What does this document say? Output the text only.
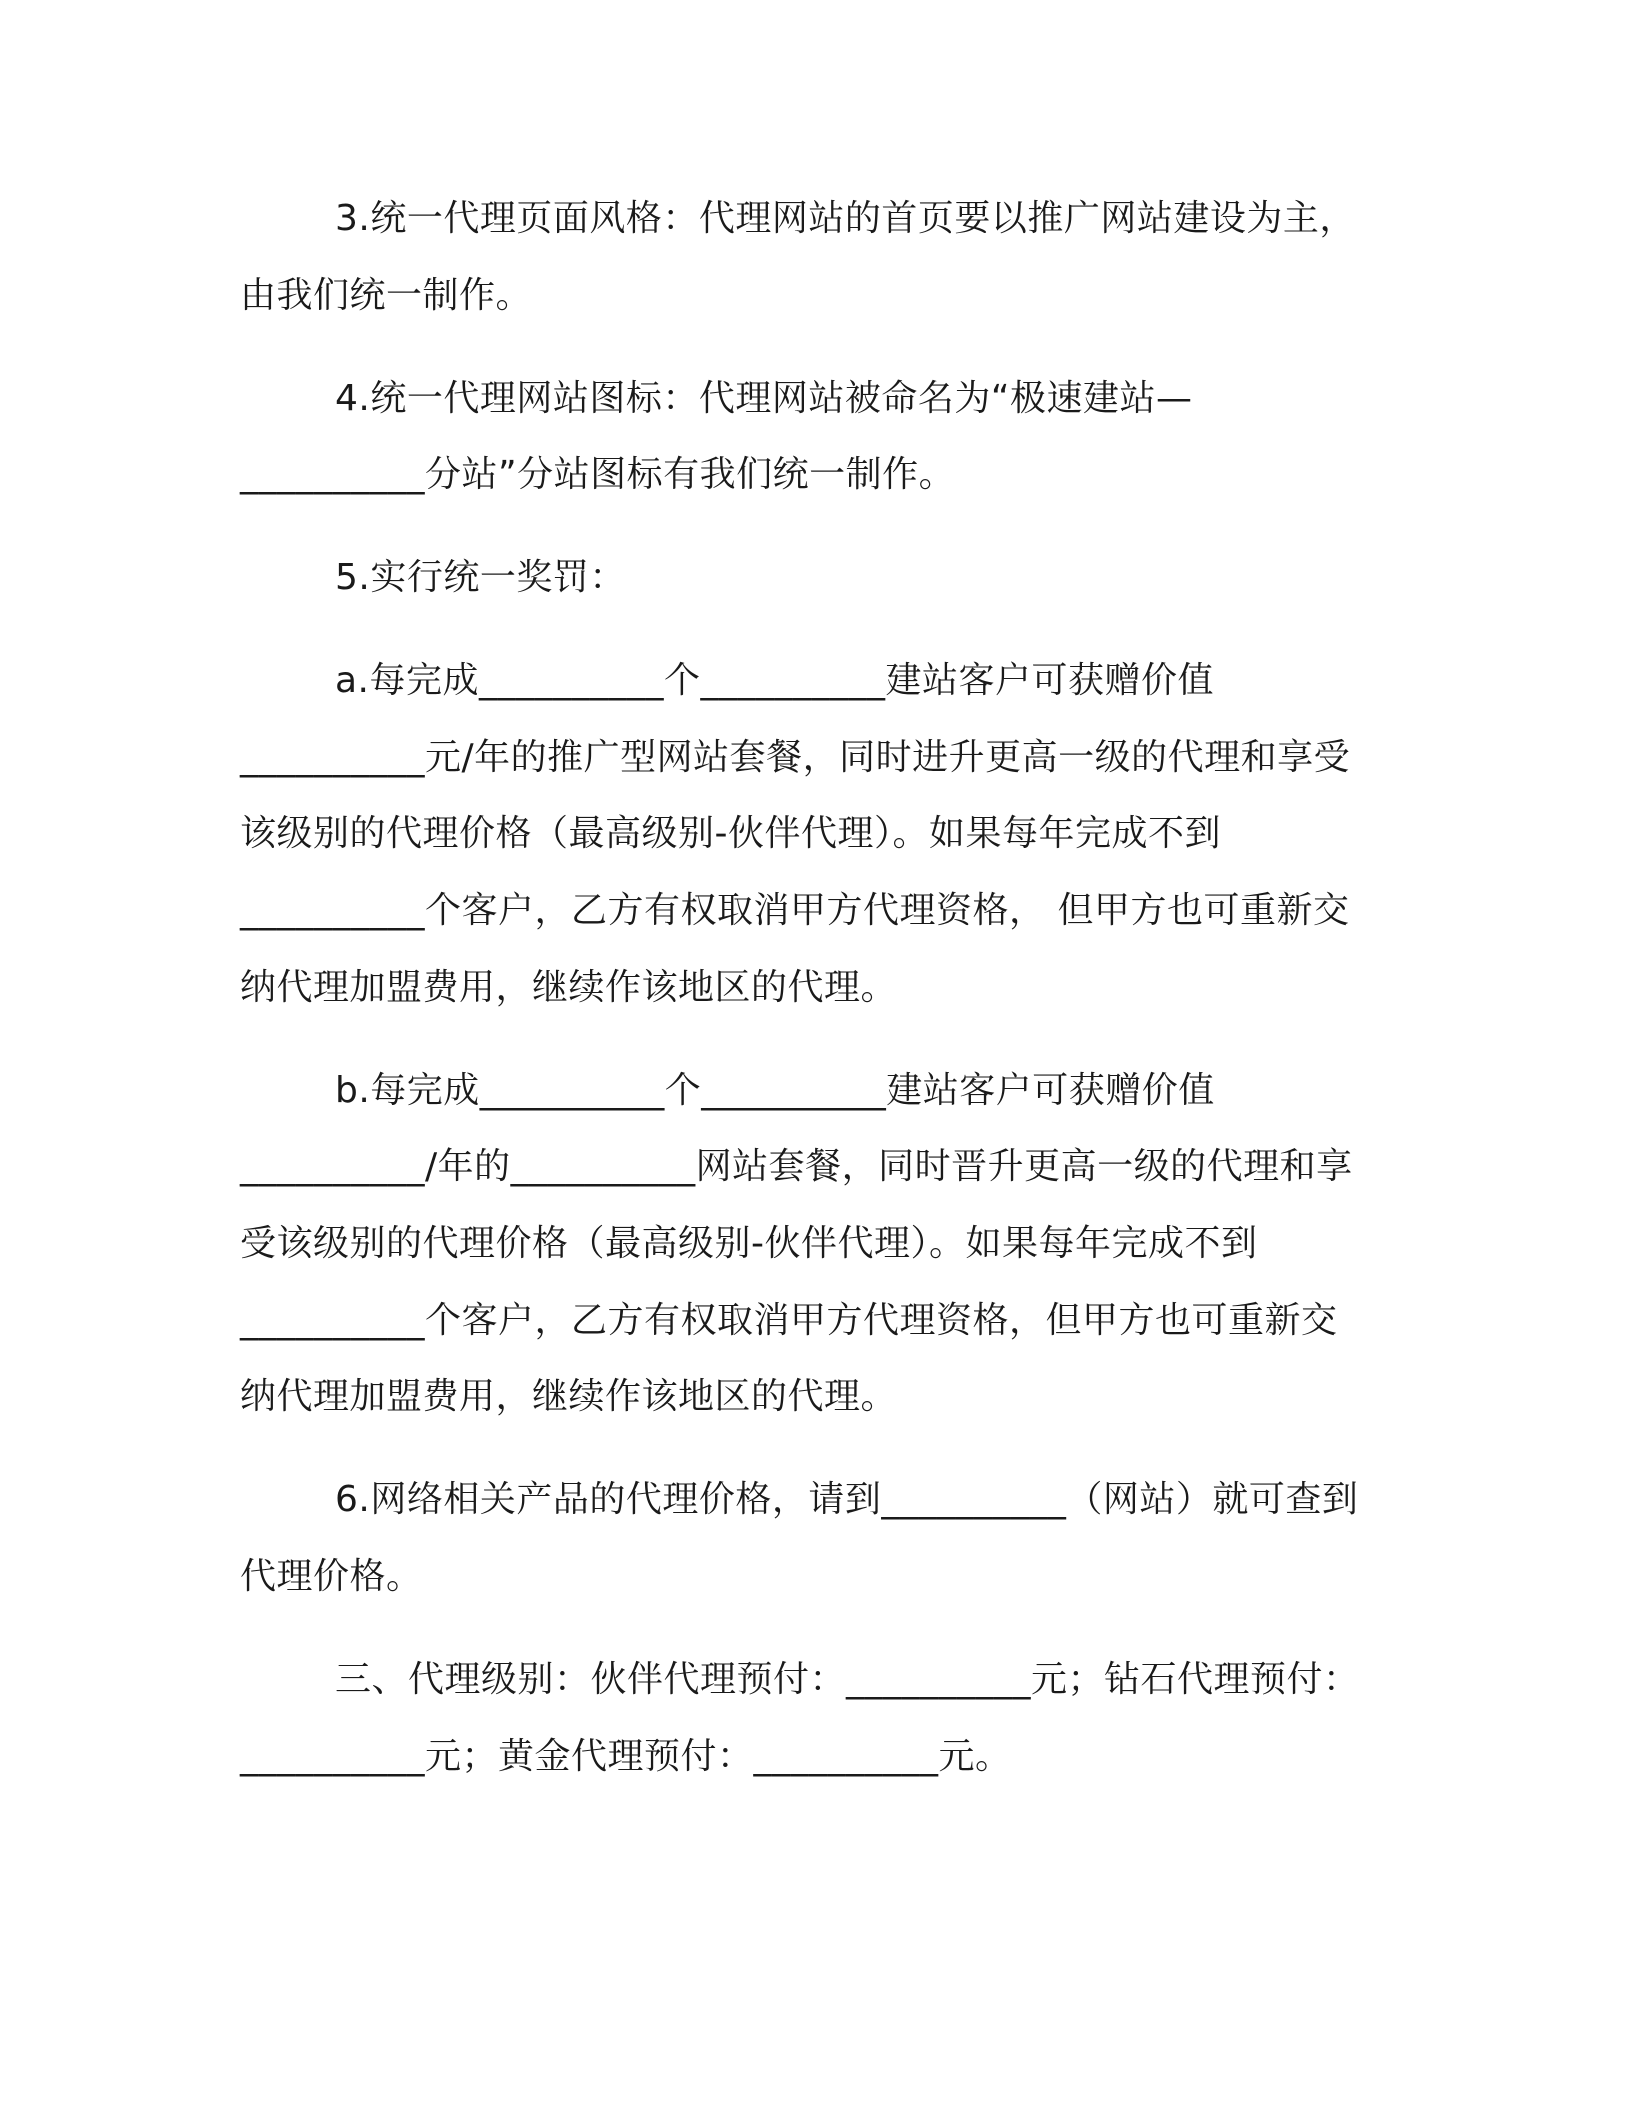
3.统一代理页面风格：代理网站的首页要以推广网站建设为主，
由我们统一制作。
4.统一代理网站图标：代理网站被命名为“极速建站—
__________分站”分站图标有我们统一制作。
5.实行统一奖罚：
a.每完成__________个__________建站客户可获赠价值
__________元/年的推广型网站套餐，同时进升更高一级的代理和享受
该级别的代理价格（最高级别-伙伴代理）。如果每年完成不到
__________个客户，乙方有权取消甲方代理资格， 但甲方也可重新交
纳代理加盟费用，继续作该地区的代理。
b.每完成__________个__________建站客户可获赠价值
__________/年的__________网站套餐，同时晋升更高一级的代理和享
受该级别的代理价格（最高级别-伙伴代理）。如果每年完成不到
__________个客户，乙方有权取消甲方代理资格，但甲方也可重新交
纳代理加盟费用，继续作该地区的代理。
6.网络相关产品的代理价格，请到__________（网站）就可查到
代理价格。
三、代理级别：伙伴代理预付：__________元；钻石代理预付：
__________元；黄金代理预付：__________元。
